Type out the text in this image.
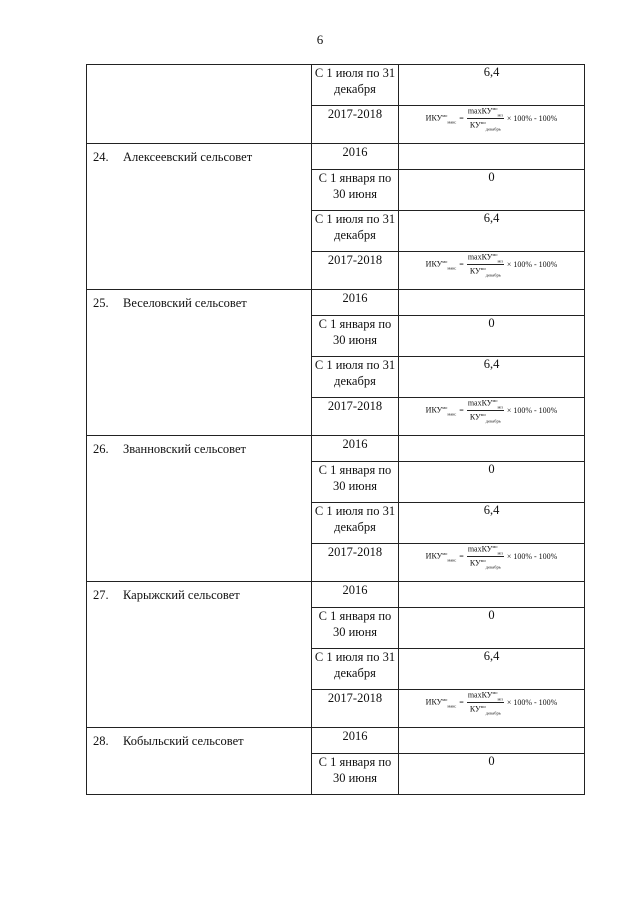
6
	С 1 июля по 31 декабря	6,4
	2017-2018	$ИКУ^{мо}_{макс} = \frac{\max КУ^{мо}_{мп}}{КУ^{мо}_{декабрь}} \times 100\% - 100\%$

24. Алексеевский сельсовет	2016	
	С 1 января по 30 июня	0
	С 1 июля по 31 декабря	6,4
	2017-2018	$ИКУ^{мо}_{макс} = \frac{\max КУ^{мо}_{мп}}{КУ^{мо}_{декабрь}} \times 100\% - 100\%$

25. Веселовский сельсовет	2016	
	С 1 января по 30 июня	0
	С 1 июля по 31 декабря	6,4
	2017-2018	$ИКУ^{мо}_{макс} = \frac{\max КУ^{мо}_{мп}}{КУ^{мо}_{декабрь}} \times 100\% - 100\%$

26. Званновский сельсовет	2016	
	С 1 января по 30 июня	0
	С 1 июля по 31 декабря	6,4
	2017-2018	$ИКУ^{мо}_{макс} = \frac{\max КУ^{мо}_{мп}}{КУ^{мо}_{декабрь}} \times 100\% - 100\%$

27. Карыжский сельсовет	2016	
	С 1 января по 30 июня	0
	С 1 июля по 31 декабря	6,4
	2017-2018	$ИКУ^{мо}_{макс} = \frac{\max КУ^{мо}_{мп}}{КУ^{мо}_{декабрь}} \times 100\% - 100\%$

28. Кобыльский сельсовет	2016	
	С 1 января по 30 июня	0
